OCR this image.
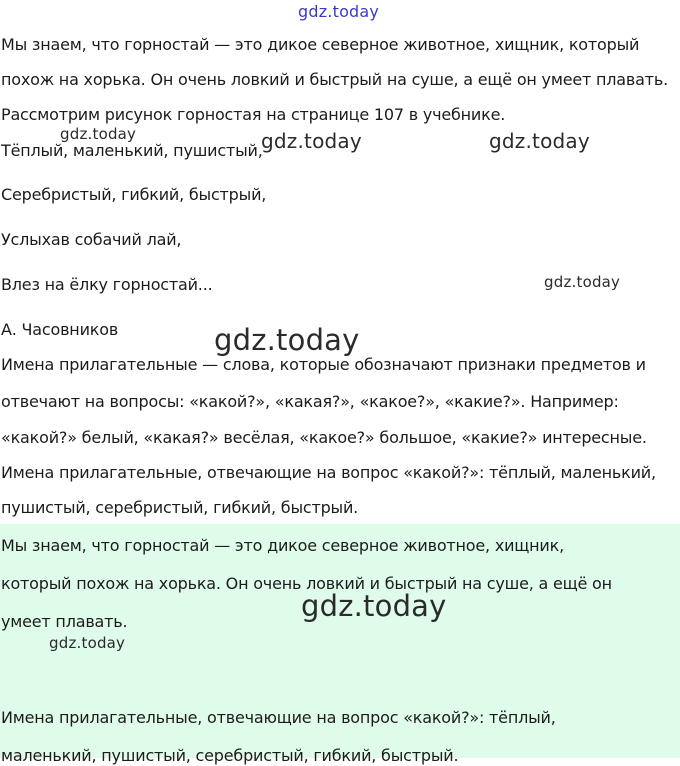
Мы знаем, что горностай — это дикое северное животное, хищник, который
похож на хорька. Он очень ловкий и быстрый на суше, а ещё он умеет плавать.
Рассмотрим рисунок горностая на странице 107 в учебнике.
Тёплый, маленький, пушистый,
Серебристый, гибкий, быстрый,
Услыхав собачий лай,
Влез на ёлку горностай...
А. Часовников
Имена прилагательные — слова, которые обозначают признаки предметов и
отвечают на вопросы: «какой?», «какая?», «какое?», «какие?». Например:
«какой?» белый, «какая?» весёлая, «какое?» большое, «какие?» интересные.
Имена прилагательные, отвечающие на вопрос «какой?»: тёплый, маленький,
пушистый, серебристый, гибкий, быстрый.
Мы знаем, что горностай — это дикое северное животное, хищник,
который похож на хорька. Он очень ловкий и быстрый на суше, а ещё он
умеет плавать.
Имена прилагательные, отвечающие на вопрос «какой?»: тёплый,
маленький, пушистый, серебристый, гибкий, быстрый.
gdz.today
gdz.today	gdz.today	gdz.today
gdz.today
gdz.today
gdz.today
gdz.today
